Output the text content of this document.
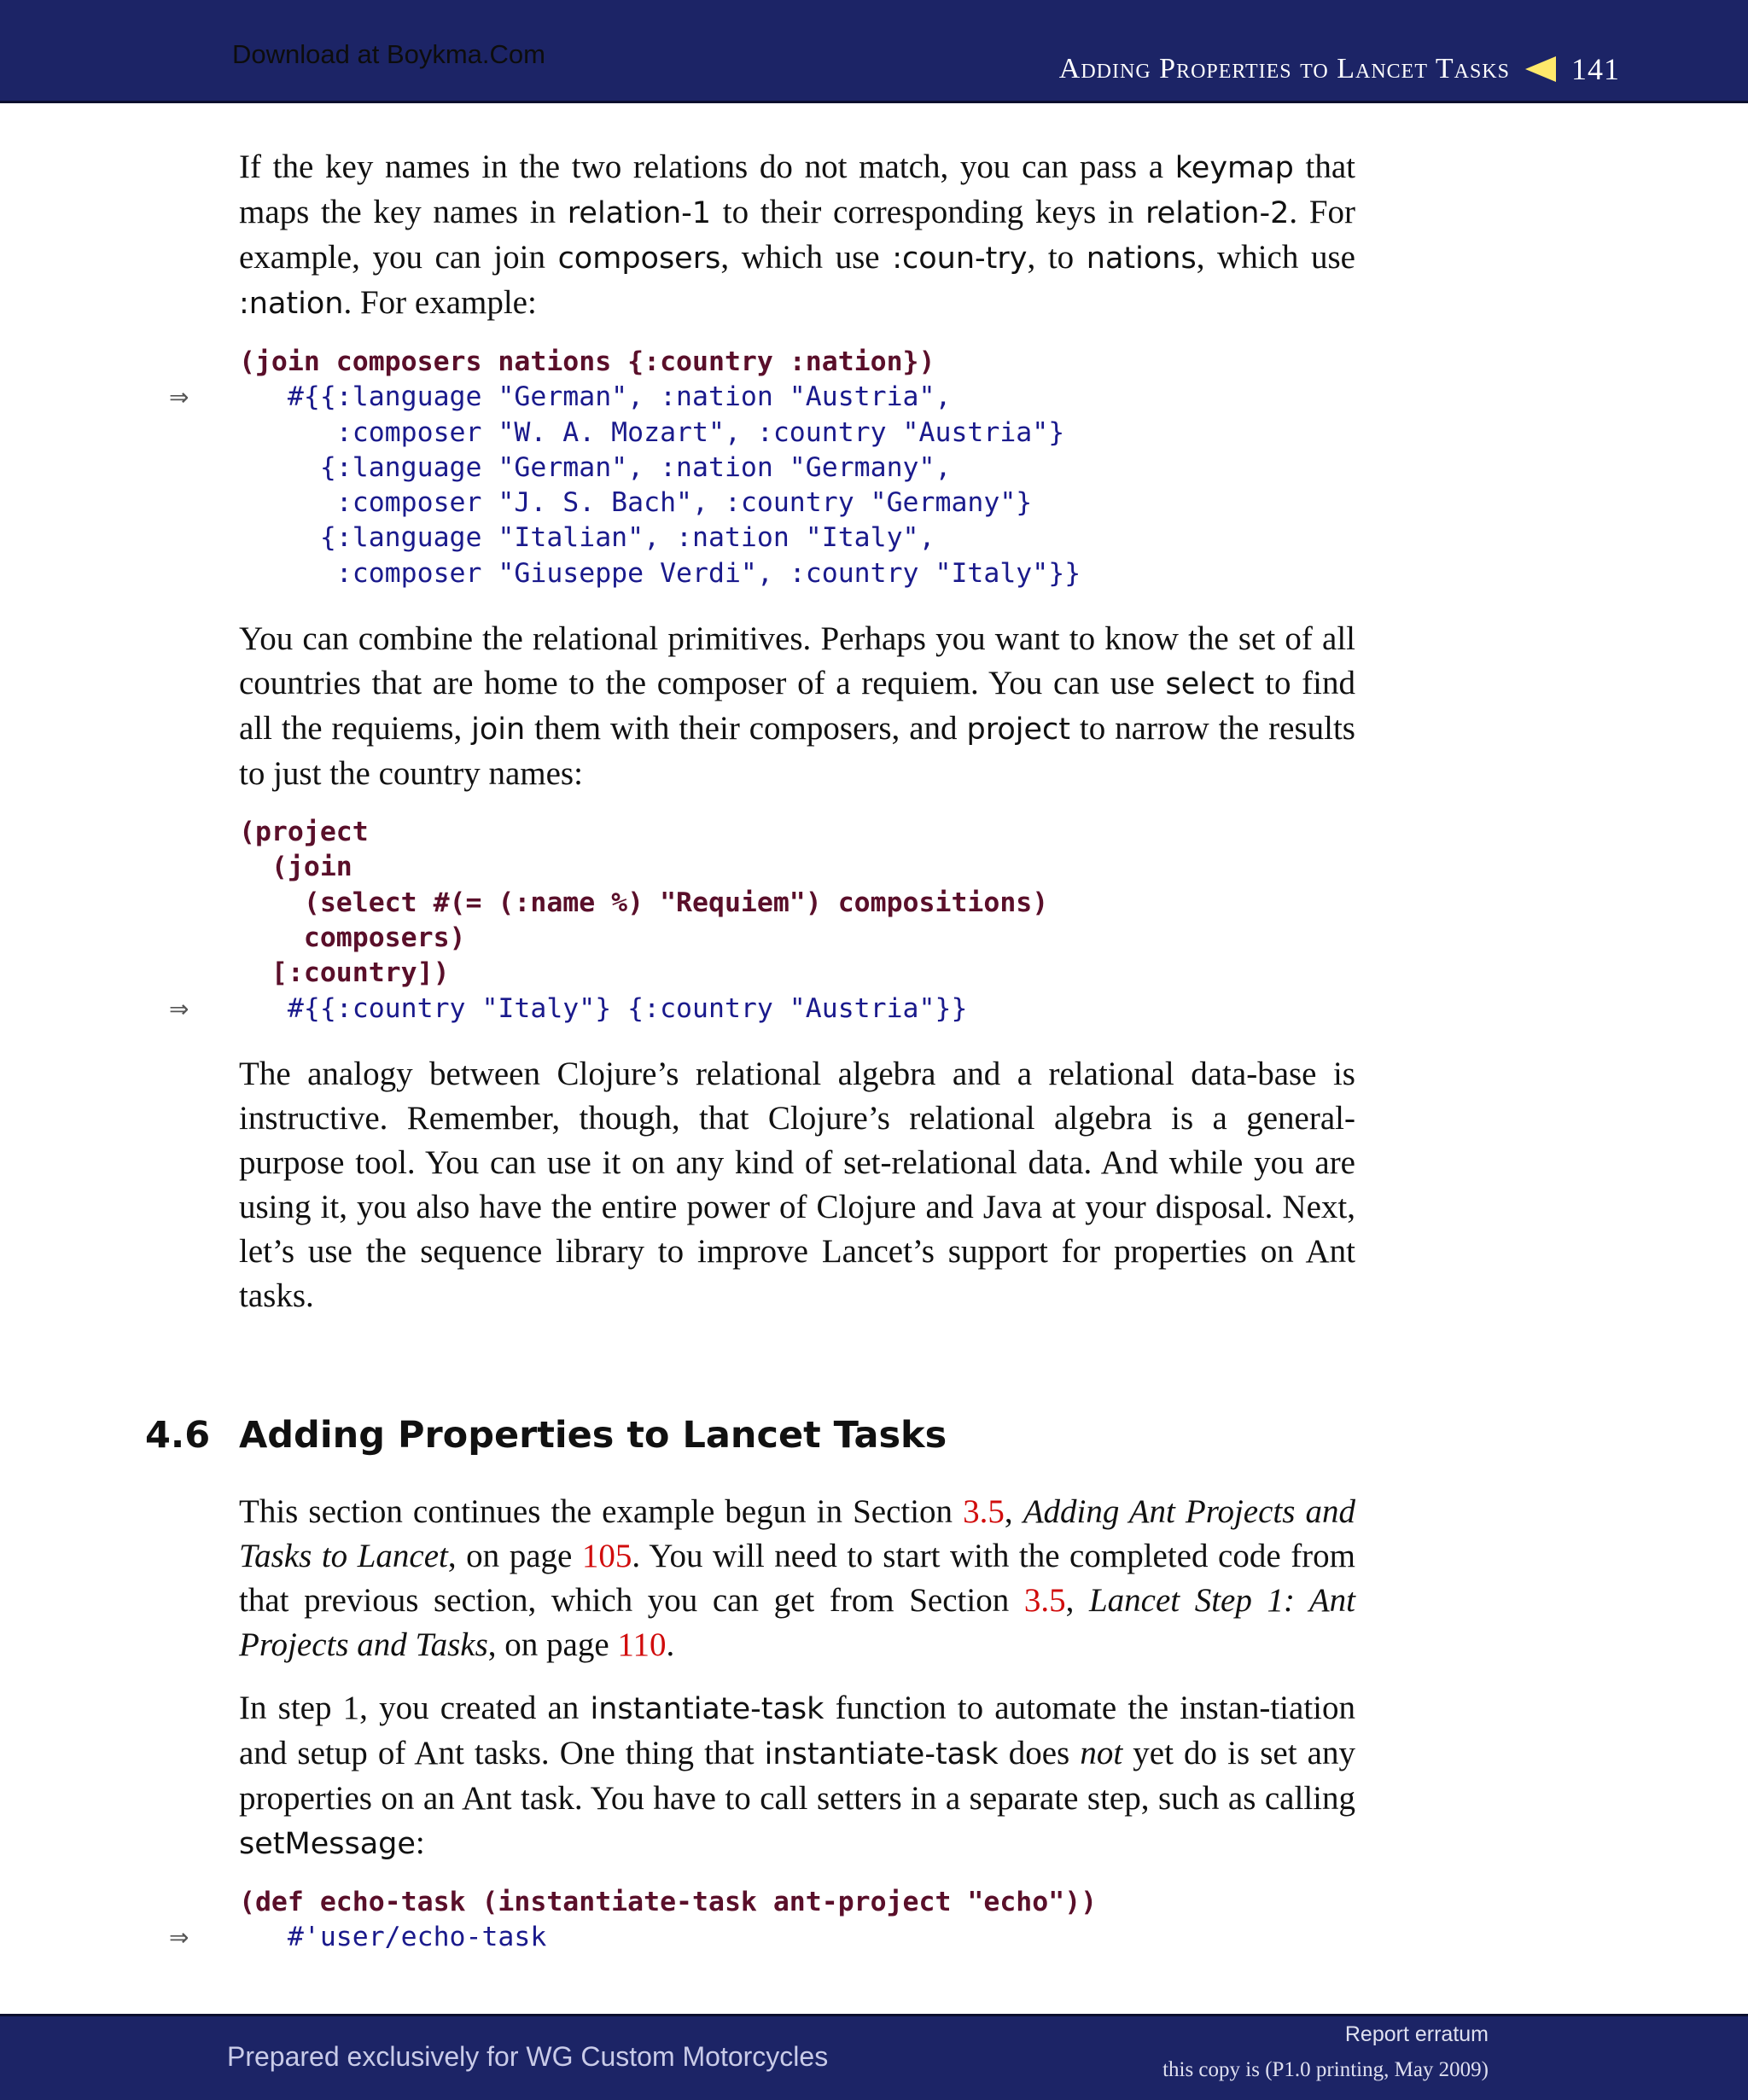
Download at Boykma.Com	Adding Properties to Lancet Tasks 141

If the key names in the two relations do not match, you can pass a keymap that maps the key names in relation-1 to their corresponding keys in relation-2. For example, you can join composers, which use :coun-try, to nations, which use :nation. For example:

(join composers nations {:country :nation})
⇒ #{{:language "German", :nation "Austria",
:composer "W. A. Mozart", :country "Austria"}
{:language "German", :nation "Germany",
:composer "J. S. Bach", :country "Germany"}
{:language "Italian", :nation "Italy",
:composer "Giuseppe Verdi", :country "Italy"}}

You can combine the relational primitives. Perhaps you want to know the set of all countries that are home to the composer of a requiem. You can use select to find all the requiems, join them with their composers, and project to narrow the results to just the country names:

(project
(join
(select #(= (:name %) "Requiem") compositions)
composers)
[:country])
⇒ #{{:country "Italy"} {:country "Austria"}}

The analogy between Clojure’s relational algebra and a relational data-base is instructive. Remember, though, that Clojure’s relational algebra is a general-purpose tool. You can use it on any kind of set-relational data. And while you are using it, you also have the entire power of Clojure and Java at your disposal. Next, let’s use the sequence library to improve Lancet’s support for properties on Ant tasks.

4.6 Adding Properties to Lancet Tasks

This section continues the example begun in Section 3.5, Adding Ant Projects and Tasks to Lancet, on page 105. You will need to start with the completed code from that previous section, which you can get from Section 3.5, Lancet Step 1: Ant Projects and Tasks, on page 110.

In step 1, you created an instantiate-task function to automate the instan-tiation and setup of Ant tasks. One thing that instantiate-task does not yet do is set any properties on an Ant task. You have to call setters in a separate step, such as calling setMessage:

(def echo-task (instantiate-task ant-project "echo"))
⇒ #'user/echo-task
Prepared exclusively for WG Custom Motorcycles
Report erratum
this copy is (P1.0 printing, May 2009)
